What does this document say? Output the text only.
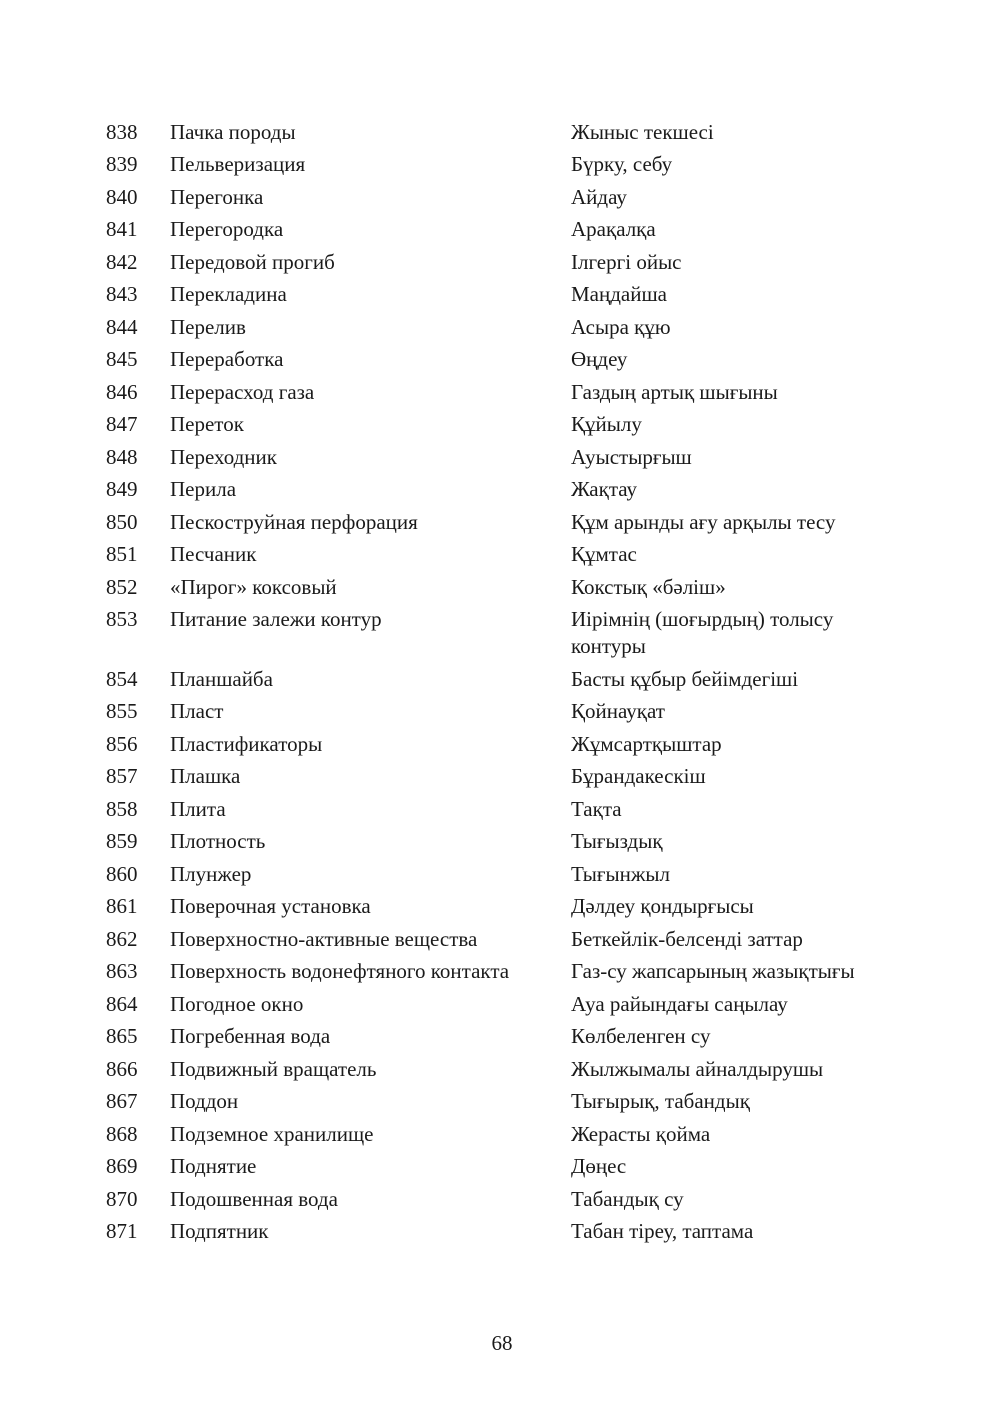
838	Пачка породы	Жыныс текшесі
839	Пельверизация	Бүрку, себу
840	Перегонка	Айдау
841	Перегородка	Арақалқа
842	Передовой прогиб	Ілгергі ойыс
843	Перекладина	Маңдайша
844	Перелив	Асыра құю
845	Переработка	Өңдеу
846	Перерасход газа	Газдың артық шығыны
847	Переток	Құйылу
848	Переходник	Ауыстырғыш
849	Перила	Жақтау
850	Пескоструйная перфорация	Құм арынды ағу арқылы тесу
851	Песчаник	Құмтас
852	«Пирог» коксовый	Кокстық «бәліш»
853	Питание залежи контур	Иірімнің (шоғырдың) толысу контуры
854	Планшайба	Басты құбыр бейімдегіші
855	Пласт	Қойнауқат
856	Пластификаторы	Жұмсартқыштар
857	Плашка	Бұрандакескіш
858	Плита	Тақта
859	Плотность	Тығыздық
860	Плунжер	Тығынжыл
861	Поверочная установка	Дәлдеу қондырғысы
862	Поверхностно-активные вещества	Беткейлік-белсенді заттар
863	Поверхность водонефтяного контакта	Газ-су жапсарының жазықтығы
864	Погодное окно	Ауа райындағы саңылау
865	Погребенная вода	Көлбеленген су
866	Подвижный вращатель	Жылжымалы айналдырушы
867	Поддон	Тығырық, табандық
868	Подземное хранилище	Жерасты қойма
869	Поднятие	Дөңес
870	Подошвенная вода	Табандық су
871	Подпятник	Табан тіреу, таптама
68
